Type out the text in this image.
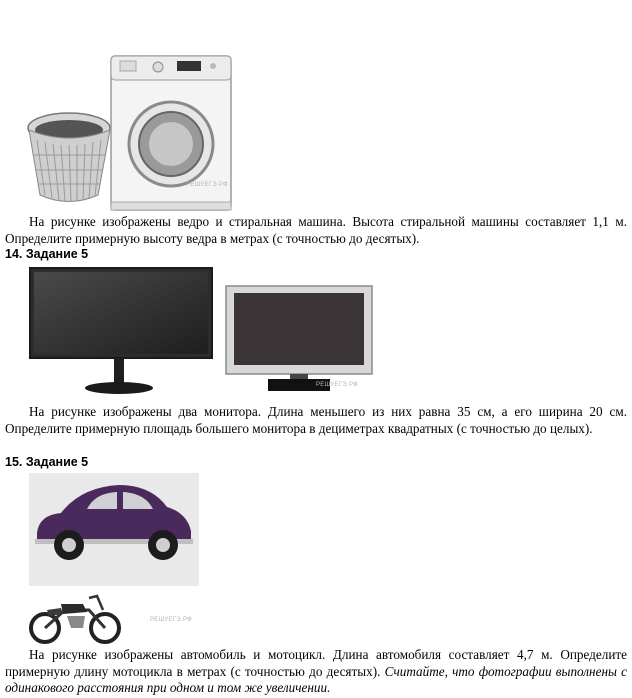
РЕШУЕГЭ.РФ
На рисунке изображены ведро и стиральная машина. Высота стиральной машины составляет 1,1 м. Определите примерную высоту ведра в метрах (с точностью до десятых).
14. Задание 5
РЕШУЕГЭ.РФ
На рисунке изображены два монитора. Длина меньшего из них равна 35 см, а его ширина 20 см. Определите примерную площадь большего монитора в дециметрах квадратных (с точностью до целых).
15. Задание 5
РЕШУЕГЭ.РФ
На рисунке изображены автомобиль и мотоцикл. Длина автомобиля составляет 4,7 м. Определите примерную длину мотоцикла в метрах (с точностью до десятых). Считайте, что фотографии выполнены с одинакового расстояния при одном и том же увеличении.
